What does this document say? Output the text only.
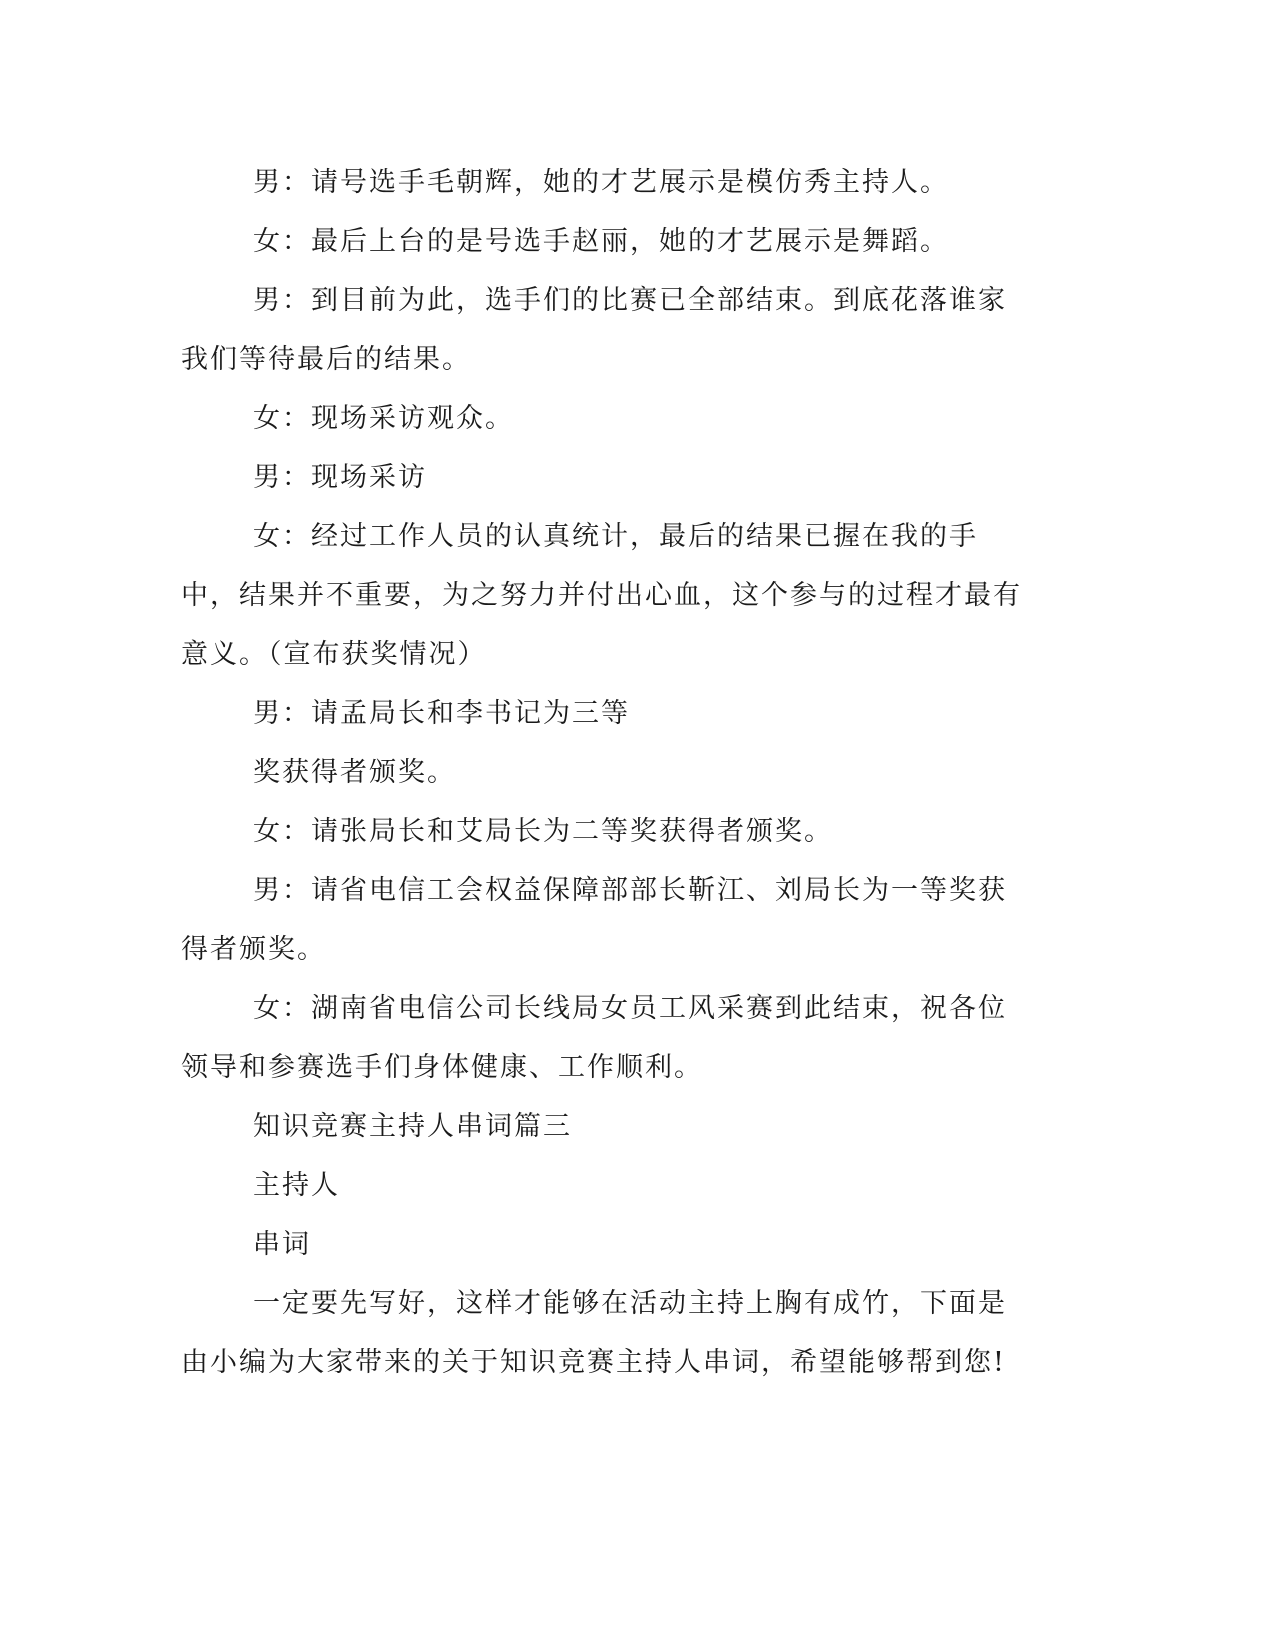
男：请号选手毛朝辉，她的才艺展示是模仿秀主持人。

女：最后上台的是号选手赵丽，她的才艺展示是舞蹈。

男：到目前为此，选手们的比赛已全部结束。到底花落谁家我们等待最后的结果。

女：现场采访观众。

男：现场采访

女：经过工作人员的认真统计，最后的结果已握在我的手中，结果并不重要，为之努力并付出心血，这个参与的过程才最有意义。（宣布获奖情况）

男：请孟局长和李书记为三等

奖获得者颁奖。

女：请张局长和艾局长为二等奖获得者颁奖。

男：请省电信工会权益保障部部长靳江、刘局长为一等奖获得者颁奖。

女：湖南省电信公司长线局女员工风采赛到此结束，祝各位领导和参赛选手们身体健康、工作顺利。

知识竞赛主持人串词篇三

主持人

串词

一定要先写好，这样才能够在活动主持上胸有成竹，下面是由小编为大家带来的关于知识竞赛主持人串词，希望能够帮到您!
